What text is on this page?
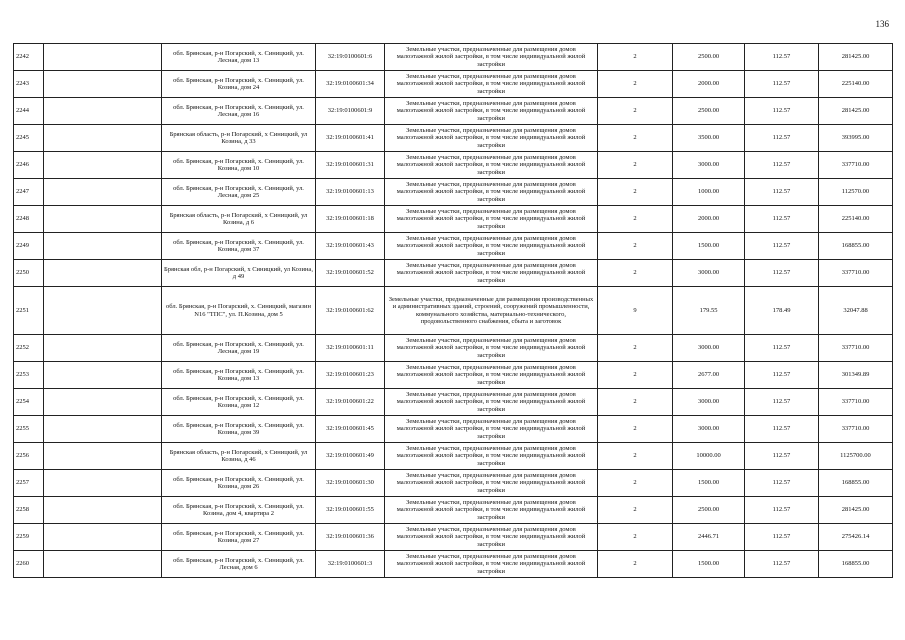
136
2242		обл. Брянская, р-н Погарский, х. Синицкий, ул. Лесная, дом 13	32:19:0100601:6	Земельные участки, предназначенные для размещения домов малоэтажной жилой застройки, в том числе индивидуальной жилой застройки	2	2500.00	112.57	281425.00
2243		обл. Брянская, р-н Погарский, х. Синицкий, ул. Козина, дом 24	32:19:0100601:34	Земельные участки, предназначенные для размещения домов малоэтажной жилой застройки, в том числе индивидуальной жилой застройки	2	2000.00	112.57	225140.00
2244		обл. Брянская, р-н Погарский, х. Синицкий, ул. Лесная, дом 16	32:19:0100601:9	Земельные участки, предназначенные для размещения домов малоэтажной жилой застройки, в том числе индивидуальной жилой застройки	2	2500.00	112.57	281425.00
2245		Брянская область, р-н Погарский, х Синицкий, ул Козина, д 33	32:19:0100601:41	Земельные участки, предназначенные для размещения домов малоэтажной жилой застройки, в том числе индивидуальной жилой застройки	2	3500.00	112.57	393995.00
2246		обл. Брянская, р-н Погарский, х. Синицкий, ул. Козина, дом 10	32:19:0100601:31	Земельные участки, предназначенные для размещения домов малоэтажной жилой застройки, в том числе индивидуальной жилой застройки	2	3000.00	112.57	337710.00
2247		обл. Брянская, р-н Погарский, х. Синицкий, ул. Лесная, дом 25	32:19:0100601:13	Земельные участки, предназначенные для размещения домов малоэтажной жилой застройки, в том числе индивидуальной жилой застройки	2	1000.00	112.57	112570.00
2248		Брянская область, р-н Погарский, х Синицкий, ул Козина, д 6	32:19:0100601:18	Земельные участки, предназначенные для размещения домов малоэтажной жилой застройки, в том числе индивидуальной жилой застройки	2	2000.00	112.57	225140.00
2249		обл. Брянская, р-н Погарский, х. Синицкий, ул. Козина, дом 37	32:19:0100601:43	Земельные участки, предназначенные для размещения домов малоэтажной жилой застройки, в том числе индивидуальной жилой застройки	2	1500.00	112.57	168855.00
2250		Брянская обл, р-н Погарский, х Синицкий, ул Козина, д 49	32:19:0100601:52	Земельные участки, предназначенные для размещения домов малоэтажной жилой застройки, в том числе индивидуальной жилой застройки	2	3000.00	112.57	337710.00
2251		обл. Брянская, р-н Погарский, х. Синицкий, магазин N16 "ТПС", ул. П.Козина, дом 5	32:19:0100601:62	Земельные участки, предназначенные для размещения производственных и административных зданий, строений, сооружений промышленности, коммунального хозяйства, материально-технического, продовольственного снабжения, сбыта и заготовок	9	179.55	178.49	32047.88
2252		обл. Брянская, р-н Погарский, х. Синицкий, ул. Лесная, дом 19	32:19:0100601:11	Земельные участки, предназначенные для размещения домов малоэтажной жилой застройки, в том числе индивидуальной жилой застройки	2	3000.00	112.57	337710.00
2253		обл. Брянская, р-н Погарский, х. Синицкий, ул. Козина, дом 13	32:19:0100601:23	Земельные участки, предназначенные для размещения домов малоэтажной жилой застройки, в том числе индивидуальной жилой застройки	2	2677.00	112.57	301349.89
2254		обл. Брянская, р-н Погарский, х. Синицкий, ул. Козина, дом 12	32:19:0100601:22	Земельные участки, предназначенные для размещения домов малоэтажной жилой застройки, в том числе индивидуальной жилой застройки	2	3000.00	112.57	337710.00
2255		обл. Брянская, р-н Погарский, х. Синицкий, ул. Козина, дом 39	32:19:0100601:45	Земельные участки, предназначенные для размещения домов малоэтажной жилой застройки, в том числе индивидуальной жилой застройки	2	3000.00	112.57	337710.00
2256		Брянская область, р-н Погарский, х Синицкий, ул Козина, д 46	32:19:0100601:49	Земельные участки, предназначенные для размещения домов малоэтажной жилой застройки, в том числе индивидуальной жилой застройки	2	10000.00	112.57	1125700.00
2257		обл. Брянская, р-н Погарский, х. Синицкий, ул. Козина, дом 26	32:19:0100601:30	Земельные участки, предназначенные для размещения домов малоэтажной жилой застройки, в том числе индивидуальной жилой застройки	2	1500.00	112.57	168855.00
2258		обл. Брянская, р-н Погарский, х. Синицкий, ул. Козина, дом 4, квартира 2	32:19:0100601:55	Земельные участки, предназначенные для размещения домов малоэтажной жилой застройки, в том числе индивидуальной жилой застройки	2	2500.00	112.57	281425.00
2259		обл. Брянская, р-н Погарский, х. Синицкий, ул. Козина, дом 27	32:19:0100601:36	Земельные участки, предназначенные для размещения домов малоэтажной жилой застройки, в том числе индивидуальной жилой застройки	2	2446.71	112.57	275426.14
2260		обл. Брянская, р-н Погарский, х. Синицкий, ул. Лесная, дом 6	32:19:0100601:3	Земельные участки, предназначенные для размещения домов малоэтажной жилой застройки, в том числе индивидуальной жилой застройки	2	1500.00	112.57	168855.00
